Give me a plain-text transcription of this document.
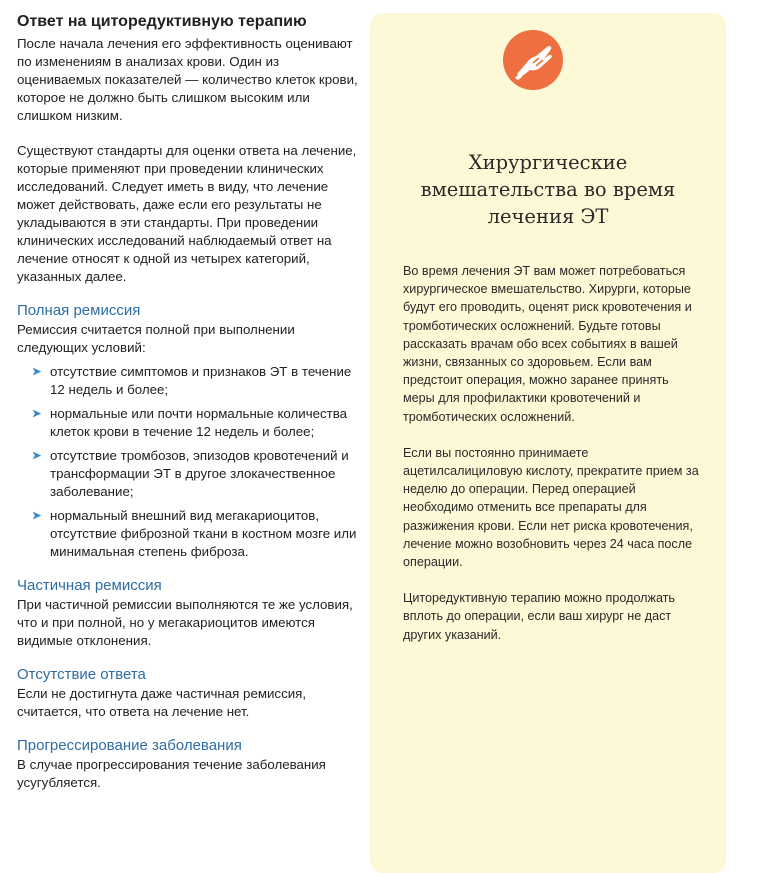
Ответ на циторедуктивную терапию

После начала лечения его эффективность оценивают по изменениям в анализах крови. Один из оцениваемых показателей — количество клеток крови, которое не должно быть слишком высоким или слишком низким.

Существуют стандарты для оценки ответа на лечение, которые применяют при проведении клинических исследований. Следует иметь в виду, что лечение может действовать, даже если его результаты не укладываются в эти стандарты. При проведении клинических исследований наблюдаемый ответ на лечение относят к одной из четырех категорий, указанных далее.

Полная ремиссия

Ремиссия считается полной при выполнении следующих условий:

➤ отсутствие симптомов и признаков ЭТ в течение 12 недель и более;
➤ нормальные или почти нормальные количества клеток крови в течение 12 недель и более;
➤ отсутствие тромбозов, эпизодов кровотечений и трансформации ЭТ в другое злокачественное заболевание;
➤ нормальный внешний вид мегакариоцитов, отсутствие фиброзной ткани в костном мозге или минимальная степень фиброза.
Частичная ремиссия

При частичной ремиссии выполняются те же условия, что и при полной, но у мегакариоцитов имеются видимые отклонения.

Отсутствие ответа

Если не достигнута даже частичная ремиссия, считается, что ответа на лечение нет.

Прогрессирование заболевания

В случае прогрессирования течение заболевания усугубляется.

Хирургические вмешательства во время лечения ЭТ

Во время лечения ЭТ вам может потребоваться хирургическое вмешательство. Хирурги, которые будут его проводить, оценят риск кровотечения и тромботических осложнений. Будьте готовы рассказать врачам обо всех событиях в вашей жизни, связанных со здоровьем. Если вам предстоит операция, можно заранее принять меры для профилактики кровотечений и тромботических осложнений.

Если вы постоянно принимаете ацетилсалициловую кислоту, прекратите прием за неделю до операции. Перед операцией необходимо отменить все препараты для разжижения крови. Если нет риска кровотечения, лечение можно возобновить через 24 часа после операции.

Циторедуктивную терапию можно продолжать вплоть до операции, если ваш хирург не даст других указаний.
